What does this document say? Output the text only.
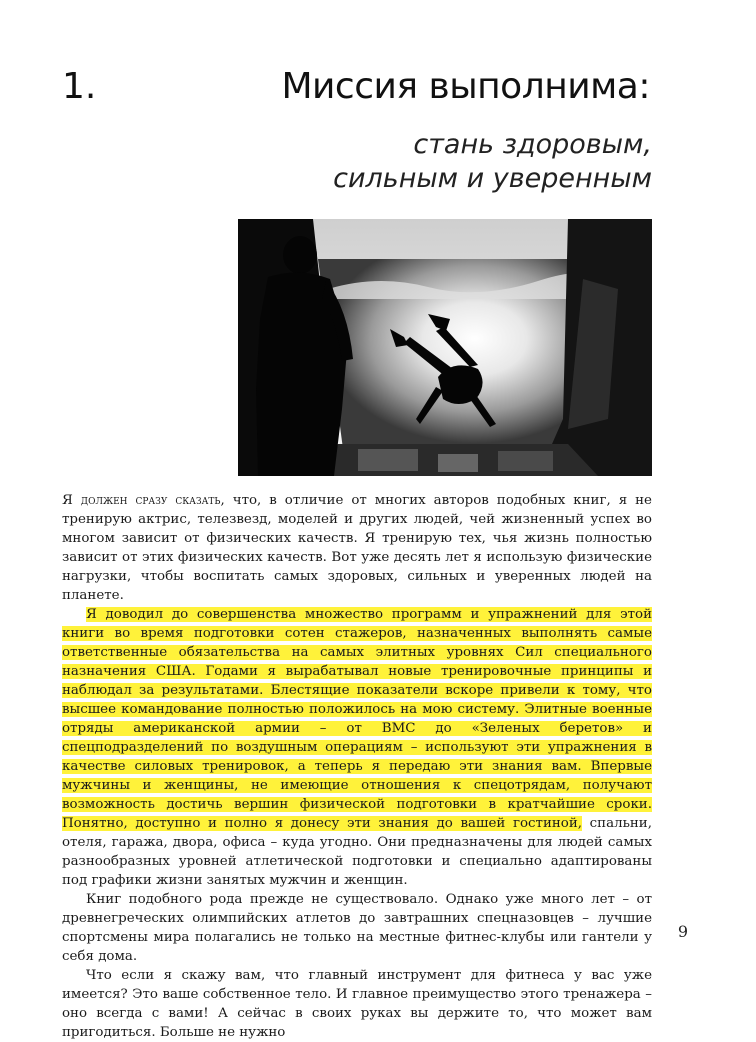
1.	Миссия выполнима:
стань здоровым,
сильным и уверенным

Я должен сразу сказать, что, в отличие от многих авторов подобных книг, я не тренирую актрис, телезвезд, моделей и других людей, чей жизненный успех во многом зависит от физических качеств. Я тренирую тех, чья жизнь полностью зависит от этих физических качеств. Вот уже десять лет я использую физические нагрузки, чтобы воспитать самых здоровых, сильных и уверенных людей на планете.

Я доводил до совершенства множество программ и упражнений для этой книги во время подготовки сотен стажеров, назначенных выполнять самые ответственные обязательства на самых элитных уровнях Сил специального назначения США. Годами я вырабатывал новые тренировочные принципы и наблюдал за результатами. Блестящие показатели вскоре привели к тому, что высшее командование полностью положилось на мою систему. Элитные военные отряды американской армии – от ВМС до «Зеленых беретов» и спецподразделений по воздушным операциям – используют эти упражнения в качестве силовых тренировок, а теперь я передаю эти знания вам. Впервые мужчины и женщины, не имеющие отношения к спецотрядам, получают возможность достичь вершин физической подготовки в кратчайшие сроки. Понятно, доступно и полно я донесу эти знания до вашей гостиной, спальни, отеля, гаража, двора, офиса – куда угодно. Они предназначены для людей самых разнообразных уровней атлетической подготовки и специально адаптированы под графики жизни занятых мужчин и женщин.

Книг подобного рода прежде не существовало. Однако уже много лет – от древнегреческих олимпийских атлетов до завтрашних спецназовцев – лучшие спортсмены мира полагались не только на местные фитнес-клубы или гантели у себя дома.

Что если я скажу вам, что главный инструмент для фитнеса у вас уже имеется? Это ваше собственное тело. И главное преимущество этого тренажера – оно всегда с вами! А сейчас в своих руках вы держите то, что может вам пригодиться. Больше не нужно

9
